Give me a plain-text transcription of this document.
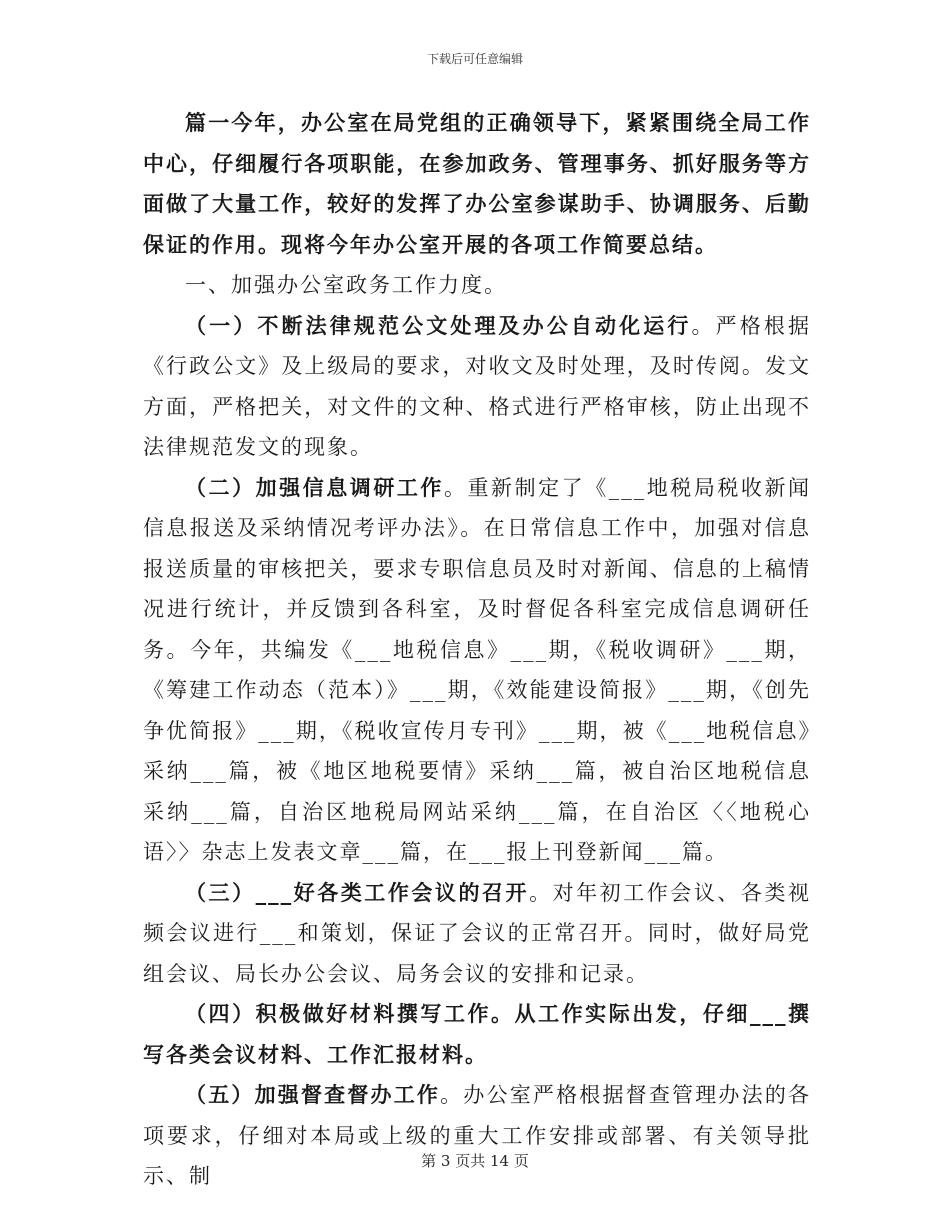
下载后可任意编辑

篇一今年，办公室在局党组的正确领导下，紧紧围绕全局工作中心，仔细履行各项职能，在参加政务、管理事务、抓好服务等方面做了大量工作，较好的发挥了办公室参谋助手、协调服务、后勤保证的作用。现将今年办公室开展的各项工作简要总结。

一、加强办公室政务工作力度。

（一）不断法律规范公文处理及办公自动化运行。严格根据《行政公文》及上级局的要求，对收文及时处理，及时传阅。发文方面，严格把关，对文件的文种、格式进行严格审核，防止出现不法律规范发文的现象。

（二）加强信息调研工作。重新制定了《___地税局税收新闻信息报送及采纳情况考评办法》。在日常信息工作中，加强对信息报送质量的审核把关，要求专职信息员及时对新闻、信息的上稿情况进行统计，并反馈到各科室，及时督促各科室完成信息调研任务。今年，共编发《___地税信息》___期，《税收调研》___期，《筹建工作动态（范本）》___期，《效能建设简报》___期，《创先争优简报》___期，《税收宣传月专刊》___期，被《___地税信息》采纳___篇，被《地区地税要情》采纳___篇，被自治区地税信息采纳___篇，自治区地税局网站采纳___篇，在自治区〈〈地税心语〉〉杂志上发表文章___篇，在___报上刊登新闻___篇。

（三）___好各类工作会议的召开。对年初工作会议、各类视频会议进行___和策划，保证了会议的正常召开。同时，做好局党组会议、局长办公会议、局务会议的安排和记录。

（四）积极做好材料撰写工作。从工作实际出发，仔细___撰写各类会议材料、工作汇报材料。

（五）加强督查督办工作。办公室严格根据督查管理办法的各项要求，仔细对本局或上级的重大工作安排或部署、有关领导批示、制

第 3 页共 14 页
